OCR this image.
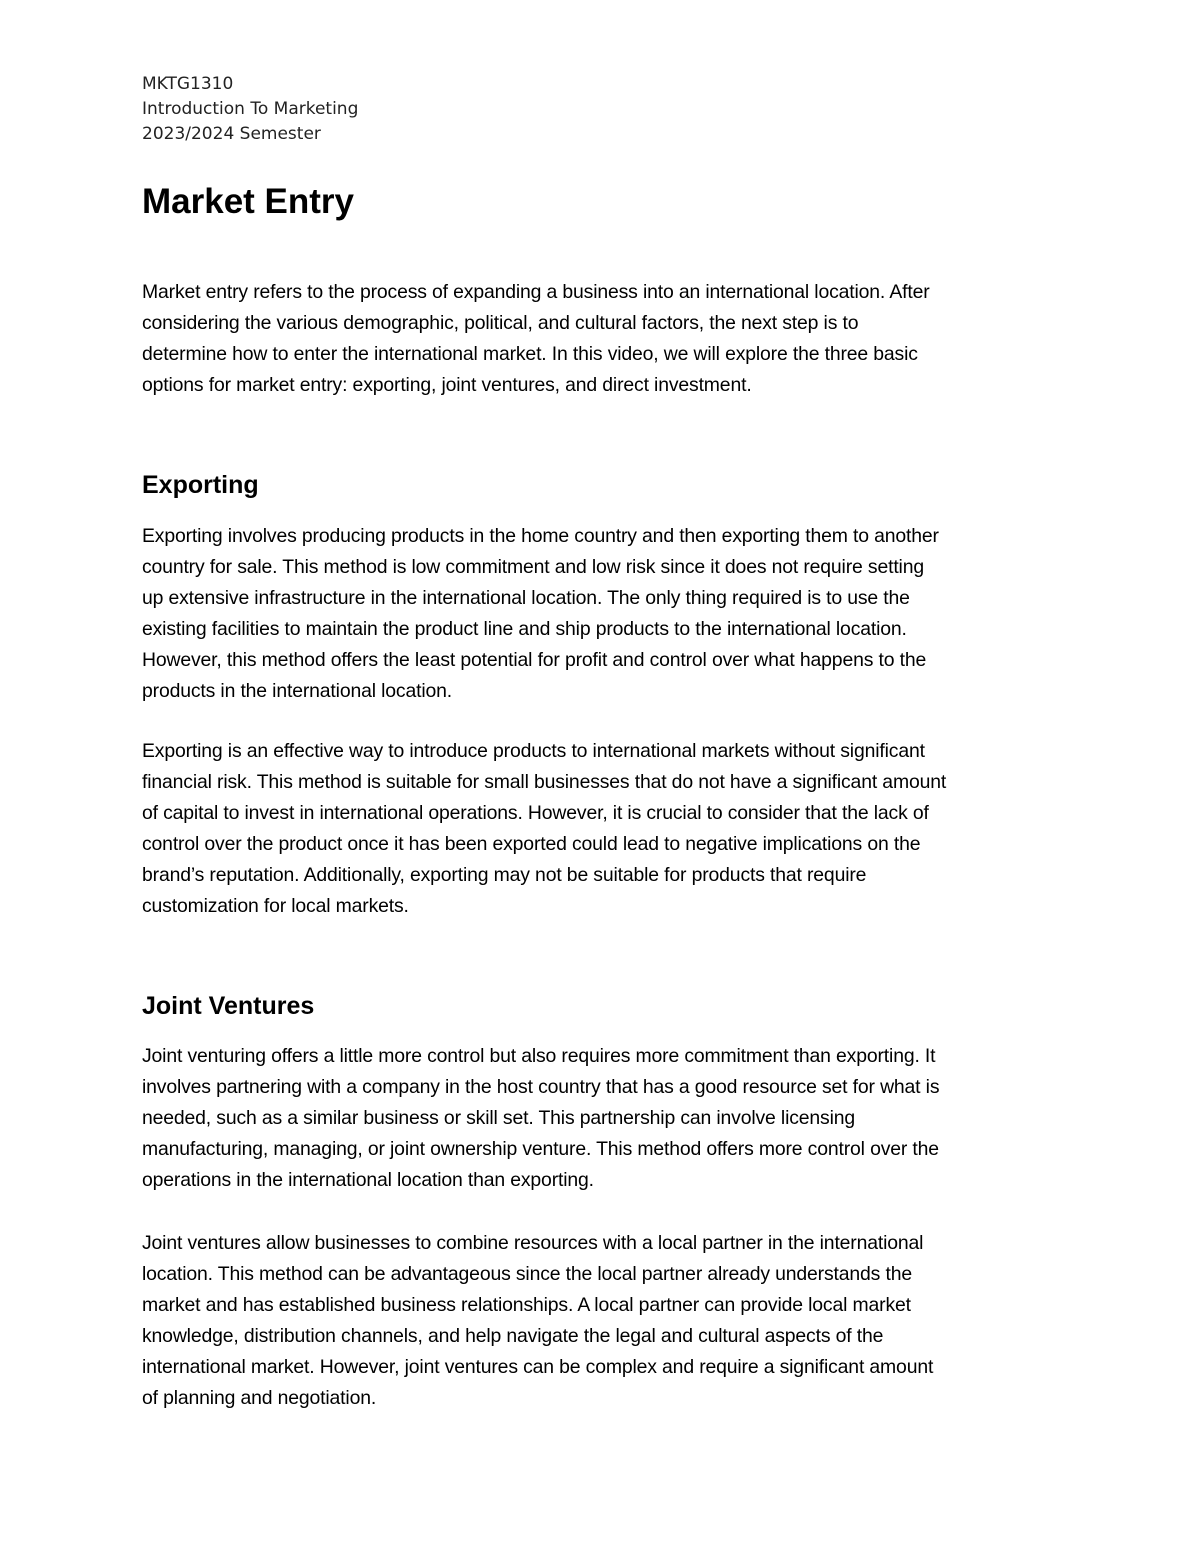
MKTG1310
Introduction To Marketing
2023/2024 Semester
Market Entry

Market entry refers to the process of expanding a business into an international location. After
considering the various demographic, political, and cultural factors, the next step is to
determine how to enter the international market. In this video, we will explore the three basic
options for market entry: exporting, joint ventures, and direct investment.

Exporting

Exporting involves producing products in the home country and then exporting them to another
country for sale. This method is low commitment and low risk since it does not require setting
up extensive infrastructure in the international location. The only thing required is to use the
existing facilities to maintain the product line and ship products to the international location.
However, this method offers the least potential for profit and control over what happens to the
products in the international location.

Exporting is an effective way to introduce products to international markets without significant
financial risk. This method is suitable for small businesses that do not have a significant amount
of capital to invest in international operations. However, it is crucial to consider that the lack of
control over the product once it has been exported could lead to negative implications on the
brand’s reputation. Additionally, exporting may not be suitable for products that require
customization for local markets.

Joint Ventures

Joint venturing offers a little more control but also requires more commitment than exporting. It
involves partnering with a company in the host country that has a good resource set for what is
needed, such as a similar business or skill set. This partnership can involve licensing
manufacturing, managing, or joint ownership venture. This method offers more control over the
operations in the international location than exporting.

Joint ventures allow businesses to combine resources with a local partner in the international
location. This method can be advantageous since the local partner already understands the
market and has established business relationships. A local partner can provide local market
knowledge, distribution channels, and help navigate the legal and cultural aspects of the
international market. However, joint ventures can be complex and require a significant amount
of planning and negotiation.
